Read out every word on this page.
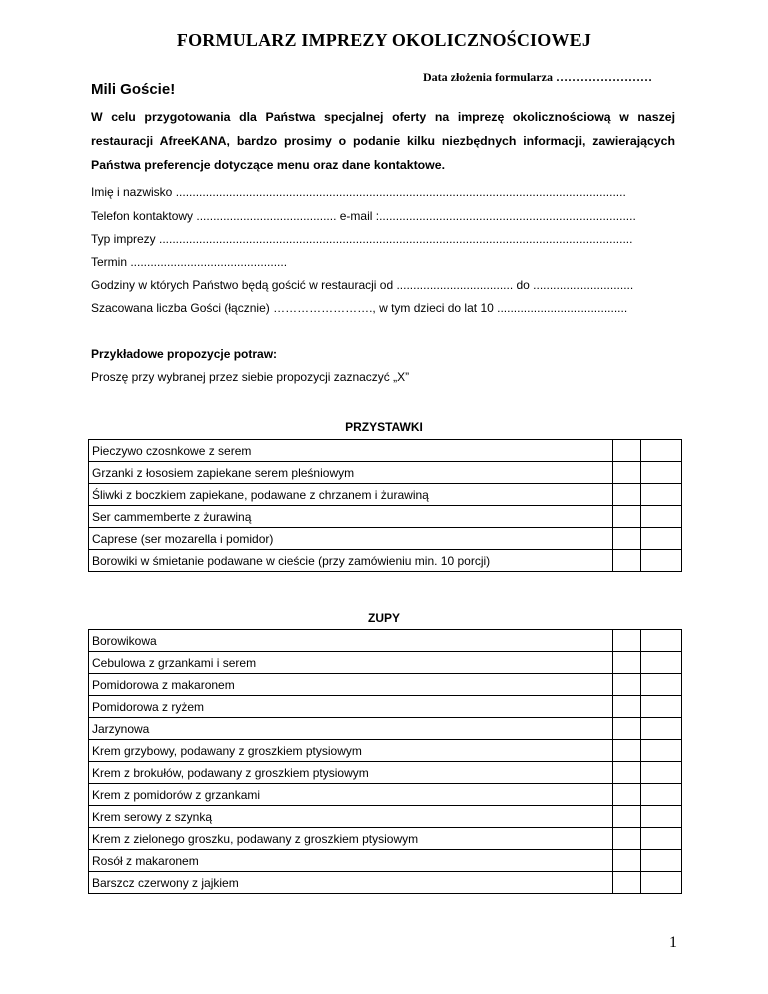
FORMULARZ IMPREZY OKOLICZNOŚCIOWEJ
Data złożenia formularza ……………………
Mili Goście!
W celu przygotowania dla Państwa specjalnej oferty na imprezę okolicznościową w naszej restauracji AfreeKANA, bardzo prosimy o podanie kilku niezbędnych informacji, zawierających Państwa preferencje dotyczące menu oraz dane kontaktowe.
Imię i nazwisko .......................................................................................................................................
Telefon kontaktowy .......................................... e-mail :.............................................................................
Typ imprezy ..............................................................................................................................................
Termin ...............................................
Godziny w których Państwo będą gościć w restauracji od ................................... do ..............................
Szacowana liczba Gości (łącznie) ……………………., w tym dzieci do lat 10 .......................................
Przykładowe propozycje potraw:
Proszę przy wybranej przez siebie propozycji zaznaczyć „X”
PRZYSTAWKI
Pieczywo czosnkowe z serem		
Grzanki z łososiem zapiekane serem pleśniowym		
Śliwki z boczkiem zapiekane, podawane z chrzanem i żurawiną		
Ser cammemberte z żurawiną		
Caprese (ser mozarella i pomidor)		
Borowiki w śmietanie podawane w cieście (przy zamówieniu min. 10 porcji)		
ZUPY
Borowikowa		
Cebulowa z grzankami i serem		
Pomidorowa z makaronem		
Pomidorowa z ryżem		
Jarzynowa		
Krem grzybowy, podawany z groszkiem ptysiowym		
Krem z brokułów, podawany z groszkiem ptysiowym		
Krem z pomidorów z grzankami		
Krem serowy z szynką		
Krem z zielonego groszku, podawany z groszkiem ptysiowym		
Rosół z makaronem		
Barszcz czerwony z jajkiem		
1
